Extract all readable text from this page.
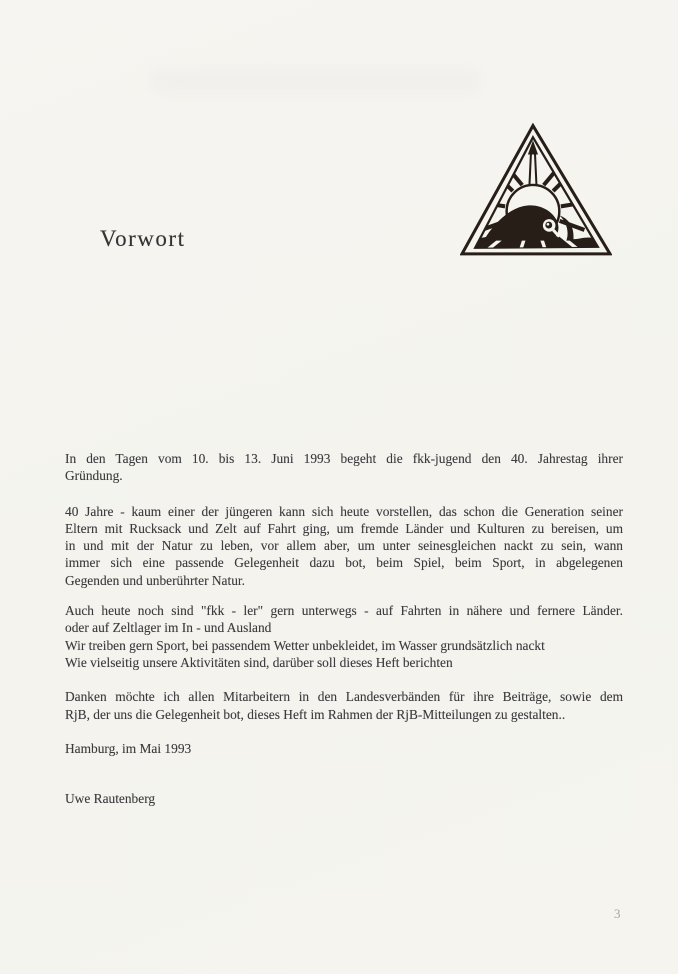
Vorwort
In den Tagen vom 10. bis 13. Juni 1993 begeht die fkk-jugend den 40. Jahrestag ihrer
Gründung.
40 Jahre - kaum einer der jüngeren kann sich heute vorstellen, das schon die Generation seiner
Eltern mit Rucksack und Zelt auf Fahrt ging, um fremde Länder und Kulturen zu bereisen, um
in und mit der Natur zu leben, vor allem aber, um unter seinesgleichen nackt zu sein, wann
immer sich eine passende Gelegenheit dazu bot, beim Spiel, beim Sport, in abgelegenen
Gegenden und unberührter Natur.
Auch heute noch sind "fkk - ler" gern unterwegs - auf Fahrten in nähere und fernere Länder.
oder auf Zeltlager im In - und Ausland
Wir treiben gern Sport, bei passendem Wetter unbekleidet, im Wasser grundsätzlich nackt
Wie vielseitig unsere Aktivitäten sind, darüber soll dieses Heft berichten
Danken möchte ich allen Mitarbeitern in den Landesverbänden für ihre Beiträge, sowie dem
RjB, der uns die Gelegenheit bot, dieses Heft im Rahmen der RjB-Mitteilungen zu gestalten..
Hamburg, im Mai 1993
Uwe Rautenberg
3
